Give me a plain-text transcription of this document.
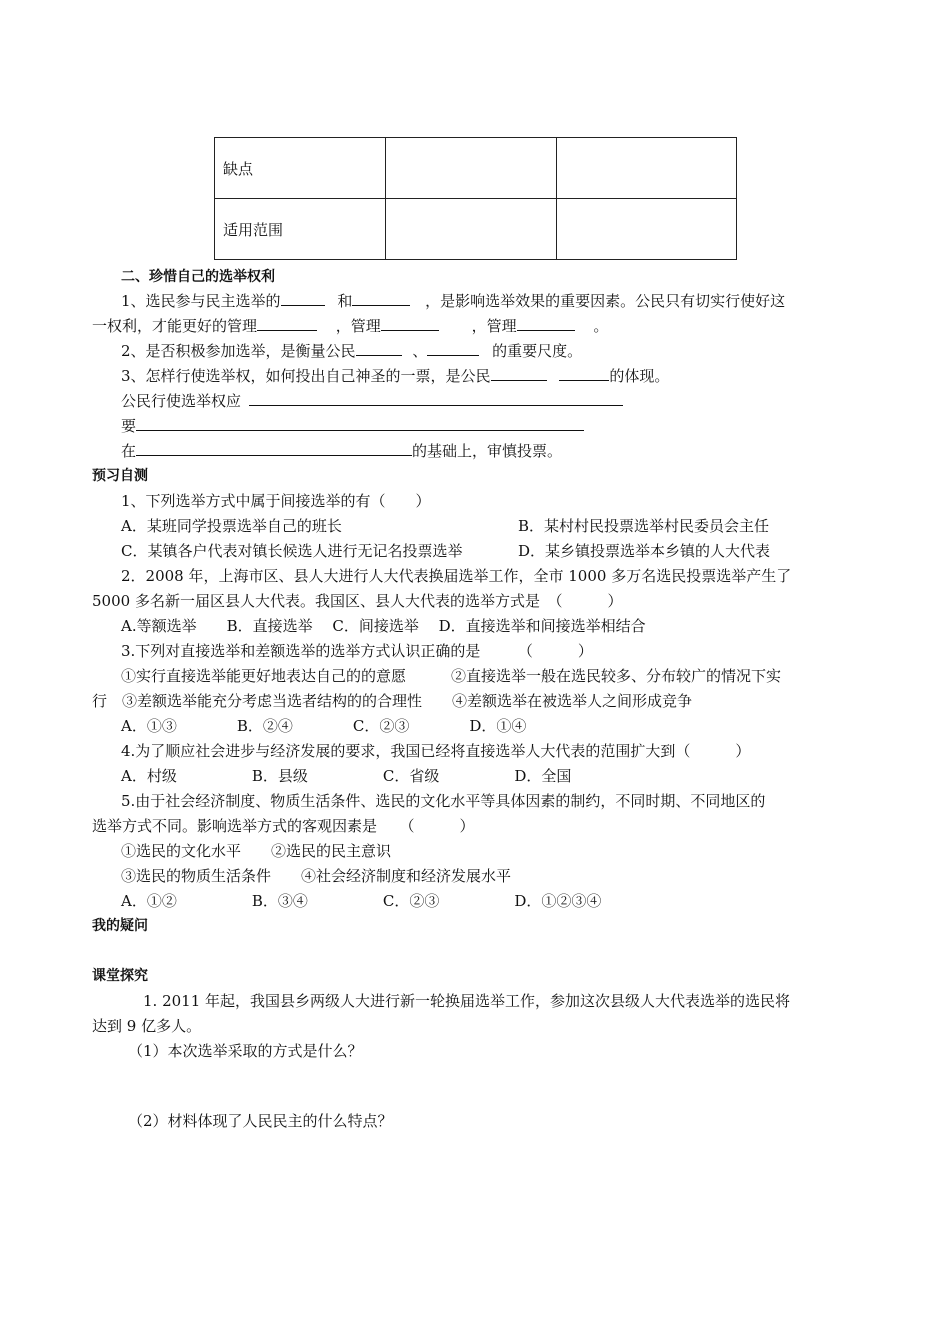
缺点		
适用范围		
二、珍惜自己的选举权利
1、选民参与民主选举的	和	，是影响选举效果的重要因素。公民只有切实行使好这
一权利，才能更好的管理	，管理	，管理	。
2、是否积极参加选举，是衡量公民	、	的重要尺度。
3、怎样行使选举权，如何投出自己神圣的一票，是公民	的体现。
公民行使选举权应
要
在	的基础上，审慎投票。
预习自测
1、下列选举方式中属于间接选举的有（　　）
A．某班同学投票选举自己的班长	B．某村村民投票选举村民委员会主任
C．某镇各户代表对镇长候选人进行无记名投票选举	D．某乡镇投票选举本乡镇的人大代表
2．2008 年，上海市区、县人大进行人大代表换届选举工作，全市 1000 多万名选民投票选举产生了
5000 多名新一届区县人大代表。我国区、县人大代表的选举方式是　（　　　）
A.等额选举　　B．直接选举　 C．间接选举　 D．直接选举和间接选举相结合
3.下列对直接选举和差额选举的选举方式认识正确的是　　　（　　　）
①实行直接选举能更好地表达自己的的意愿　　　②直接选举一般在选民较多、分布较广的情况下实
行　③差额选举能充分考虑当选者结构的的合理性　　④差额选举在被选举人之间形成竞争
A．①③　　　　B．②④　　　　C．②③　　　　D．①④
4.为了顺应社会进步与经济发展的要求，我国已经将直接选举人大代表的范围扩大到（　　　）
A．村级　　　　　B．县级　　　　　C．省级　　　　　D．全国
5.由于社会经济制度、物质生活条件、选民的文化水平等具体因素的制约，不同时期、不同地区的
选举方式不同。影响选举方式的客观因素是　　（　　　）
①选民的文化水平　　②选民的民主意识
③选民的物质生活条件　　④社会经济制度和经济发展水平
A．①②　　　　　B．③④　　　　　C．②③　　　　　D．①②③④
我的疑问
课堂探究
1. 2011 年起，我国县乡两级人大进行新一轮换届选举工作，参加这次县级人大代表选举的选民将
达到 9 亿多人。
（1）本次选举采取的方式是什么？
（2）材料体现了人民民主的什么特点？
